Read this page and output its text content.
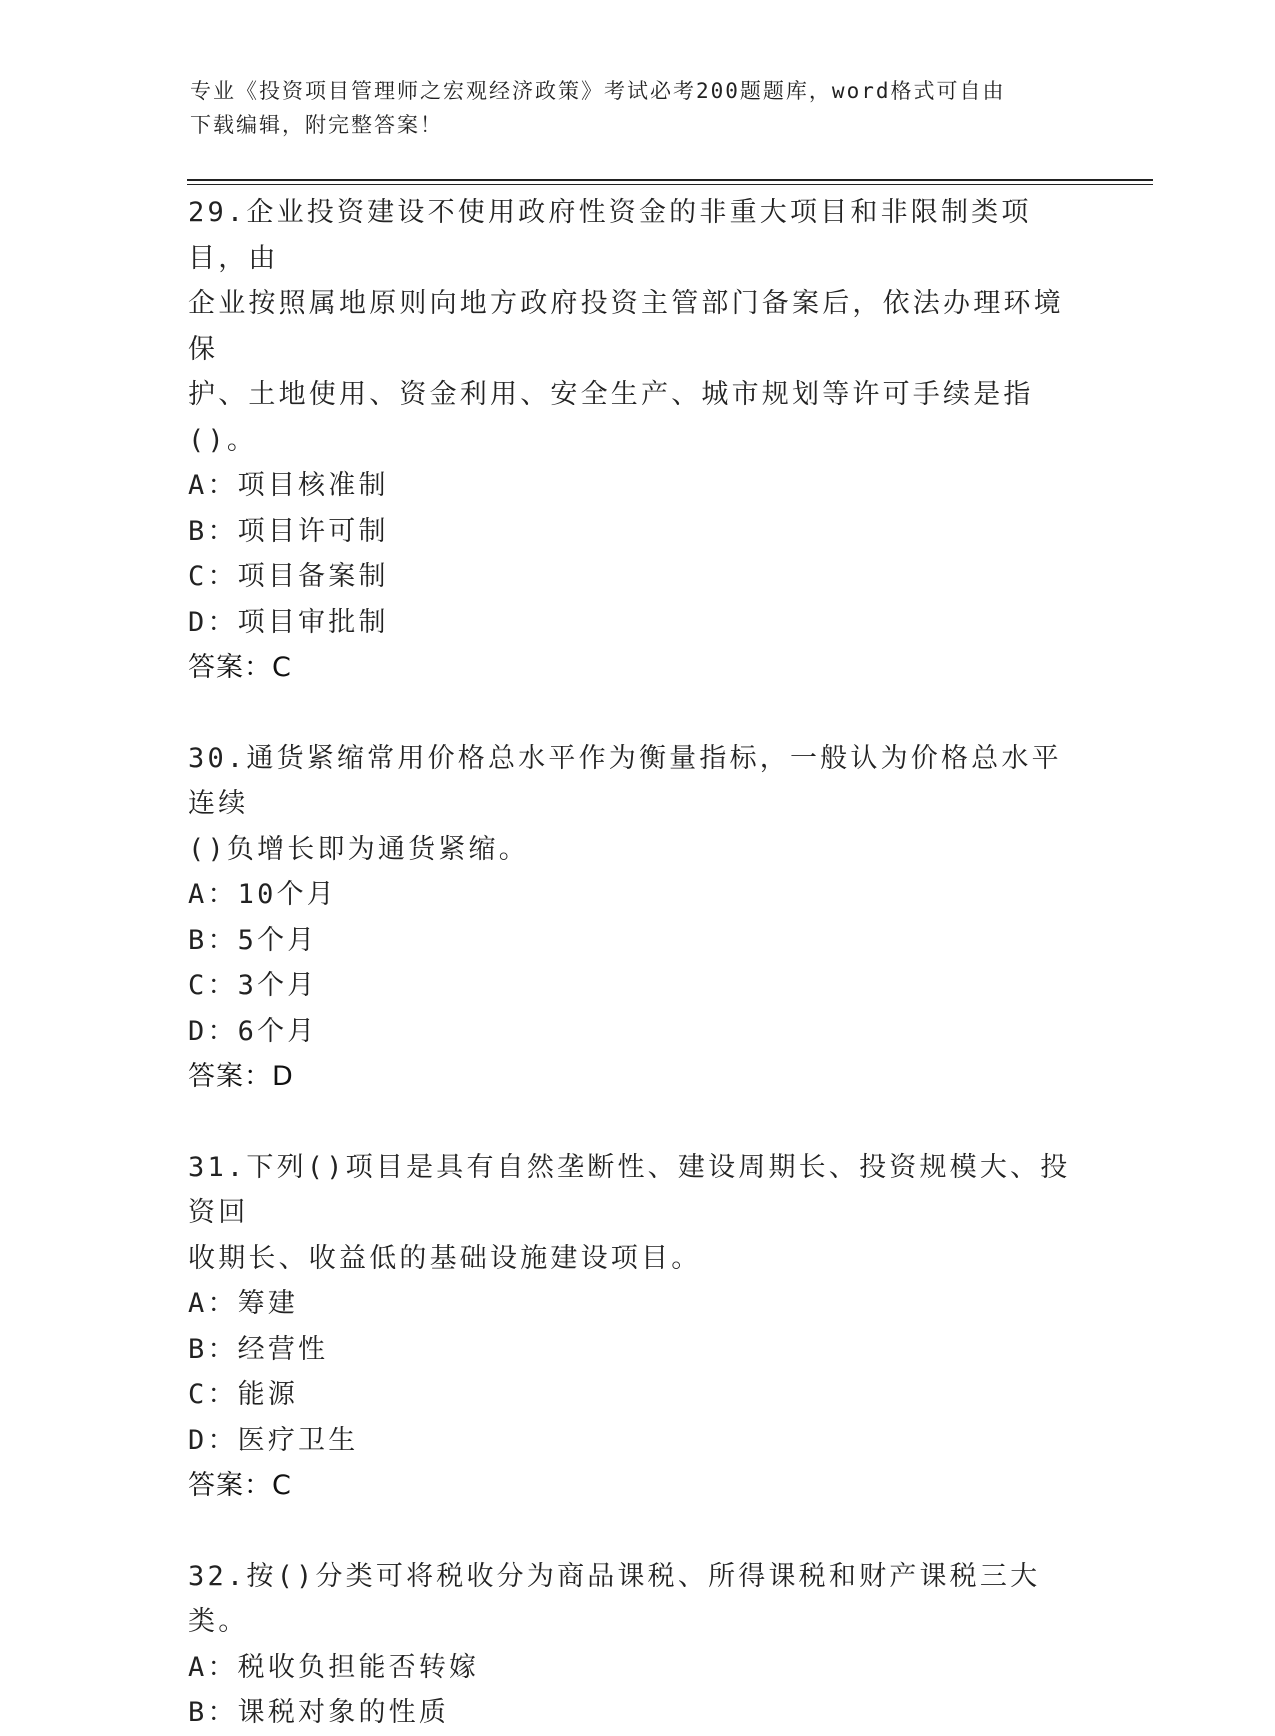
专业《投资项目管理师之宏观经济政策》考试必考200题题库，word格式可自由
下载编辑，附完整答案！
29.企业投资建设不使用政府性资金的非重大项目和非限制类项目，由
企业按照属地原则向地方政府投资主管部门备案后，依法办理环境保
护、土地使用、资金利用、安全生产、城市规划等许可手续是指()。
A：项目核准制
B：项目许可制
C：项目备案制
D：项目审批制
答案：C
30.通货紧缩常用价格总水平作为衡量指标，一般认为价格总水平连续
()负增长即为通货紧缩。
A：10个月
B：5个月
C：3个月
D：6个月
答案：D
31.下列()项目是具有自然垄断性、建设周期长、投资规模大、投资回
收期长、收益低的基础设施建设项目。
A：筹建
B：经营性
C：能源
D：医疗卫生
答案：C
32.按()分类可将税收分为商品课税、所得课税和财产课税三大类。
A：税收负担能否转嫁
B：课税对象的性质
